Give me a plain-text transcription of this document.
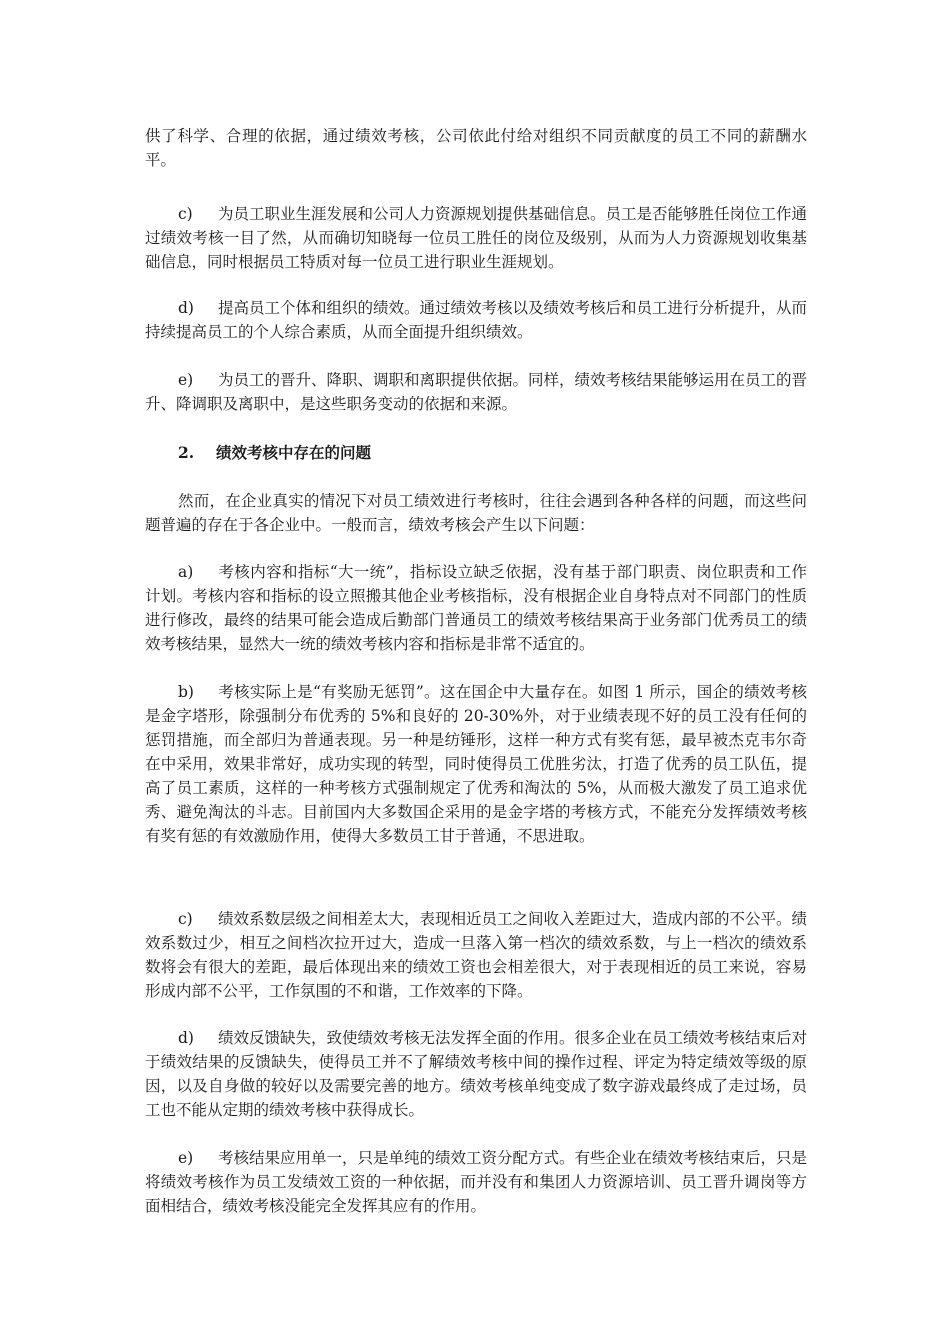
供了科学、合理的依据，通过绩效考核，公司依此付给对组织不同贡献度的员工不同的薪酬水平。

c) 为员工职业生涯发展和公司人力资源规划提供基础信息。员工是否能够胜任岗位工作通过绩效考核一目了然，从而确切知晓每一位员工胜任的岗位及级别，从而为人力资源规划收集基础信息，同时根据员工特质对每一位员工进行职业生涯规划。

d) 提高员工个体和组织的绩效。通过绩效考核以及绩效考核后和员工进行分析提升，从而持续提高员工的个人综合素质，从而全面提升组织绩效。

e) 为员工的晋升、降职、调职和离职提供依据。同样，绩效考核结果能够运用在员工的晋升、降调职及离职中，是这些职务变动的依据和来源。

2. 绩效考核中存在的问题

然而，在企业真实的情况下对员工绩效进行考核时，往往会遇到各种各样的问题，而这些问题普遍的存在于各企业中。一般而言，绩效考核会产生以下问题：

a) 考核内容和指标“大一统”，指标设立缺乏依据，没有基于部门职责、岗位职责和工作计划。考核内容和指标的设立照搬其他企业考核指标，没有根据企业自身特点对不同部门的性质进行修改，最终的结果可能会造成后勤部门普通员工的绩效考核结果高于业务部门优秀员工的绩效考核结果，显然大一统的绩效考核内容和指标是非常不适宜的。

b) 考核实际上是“有奖励无惩罚”。这在国企中大量存在。如图 1 所示，国企的绩效考核是金字塔形，除强制分布优秀的 5%和良好的 20-30%外，对于业绩表现不好的员工没有任何的惩罚措施，而全部归为普通表现。另一种是纺锤形，这样一种方式有奖有惩，最早被杰克韦尔奇在中采用，效果非常好，成功实现的转型，同时使得员工优胜劣汰，打造了优秀的员工队伍，提高了员工素质，这样的一种考核方式强制规定了优秀和淘汰的 5%，从而极大激发了员工追求优秀、避免淘汰的斗志。目前国内大多数国企采用的是金字塔的考核方式，不能充分发挥绩效考核有奖有惩的有效激励作用，使得大多数员工甘于普通，不思进取。

c) 绩效系数层级之间相差太大，表现相近员工之间收入差距过大，造成内部的不公平。绩效系数过少，相互之间档次拉开过大，造成一旦落入第一档次的绩效系数，与上一档次的绩效系数将会有很大的差距，最后体现出来的绩效工资也会相差很大，对于表现相近的员工来说，容易形成内部不公平，工作氛围的不和谐，工作效率的下降。

d) 绩效反馈缺失，致使绩效考核无法发挥全面的作用。很多企业在员工绩效考核结束后对于绩效结果的反馈缺失，使得员工并不了解绩效考核中间的操作过程、评定为特定绩效等级的原因，以及自身做的较好以及需要完善的地方。绩效考核单纯变成了数字游戏最终成了走过场，员工也不能从定期的绩效考核中获得成长。

e) 考核结果应用单一，只是单纯的绩效工资分配方式。有些企业在绩效考核结束后，只是将绩效考核作为员工发绩效工资的一种依据，而并没有和集团人力资源培训、员工晋升调岗等方面相结合，绩效考核没能完全发挥其应有的作用。
